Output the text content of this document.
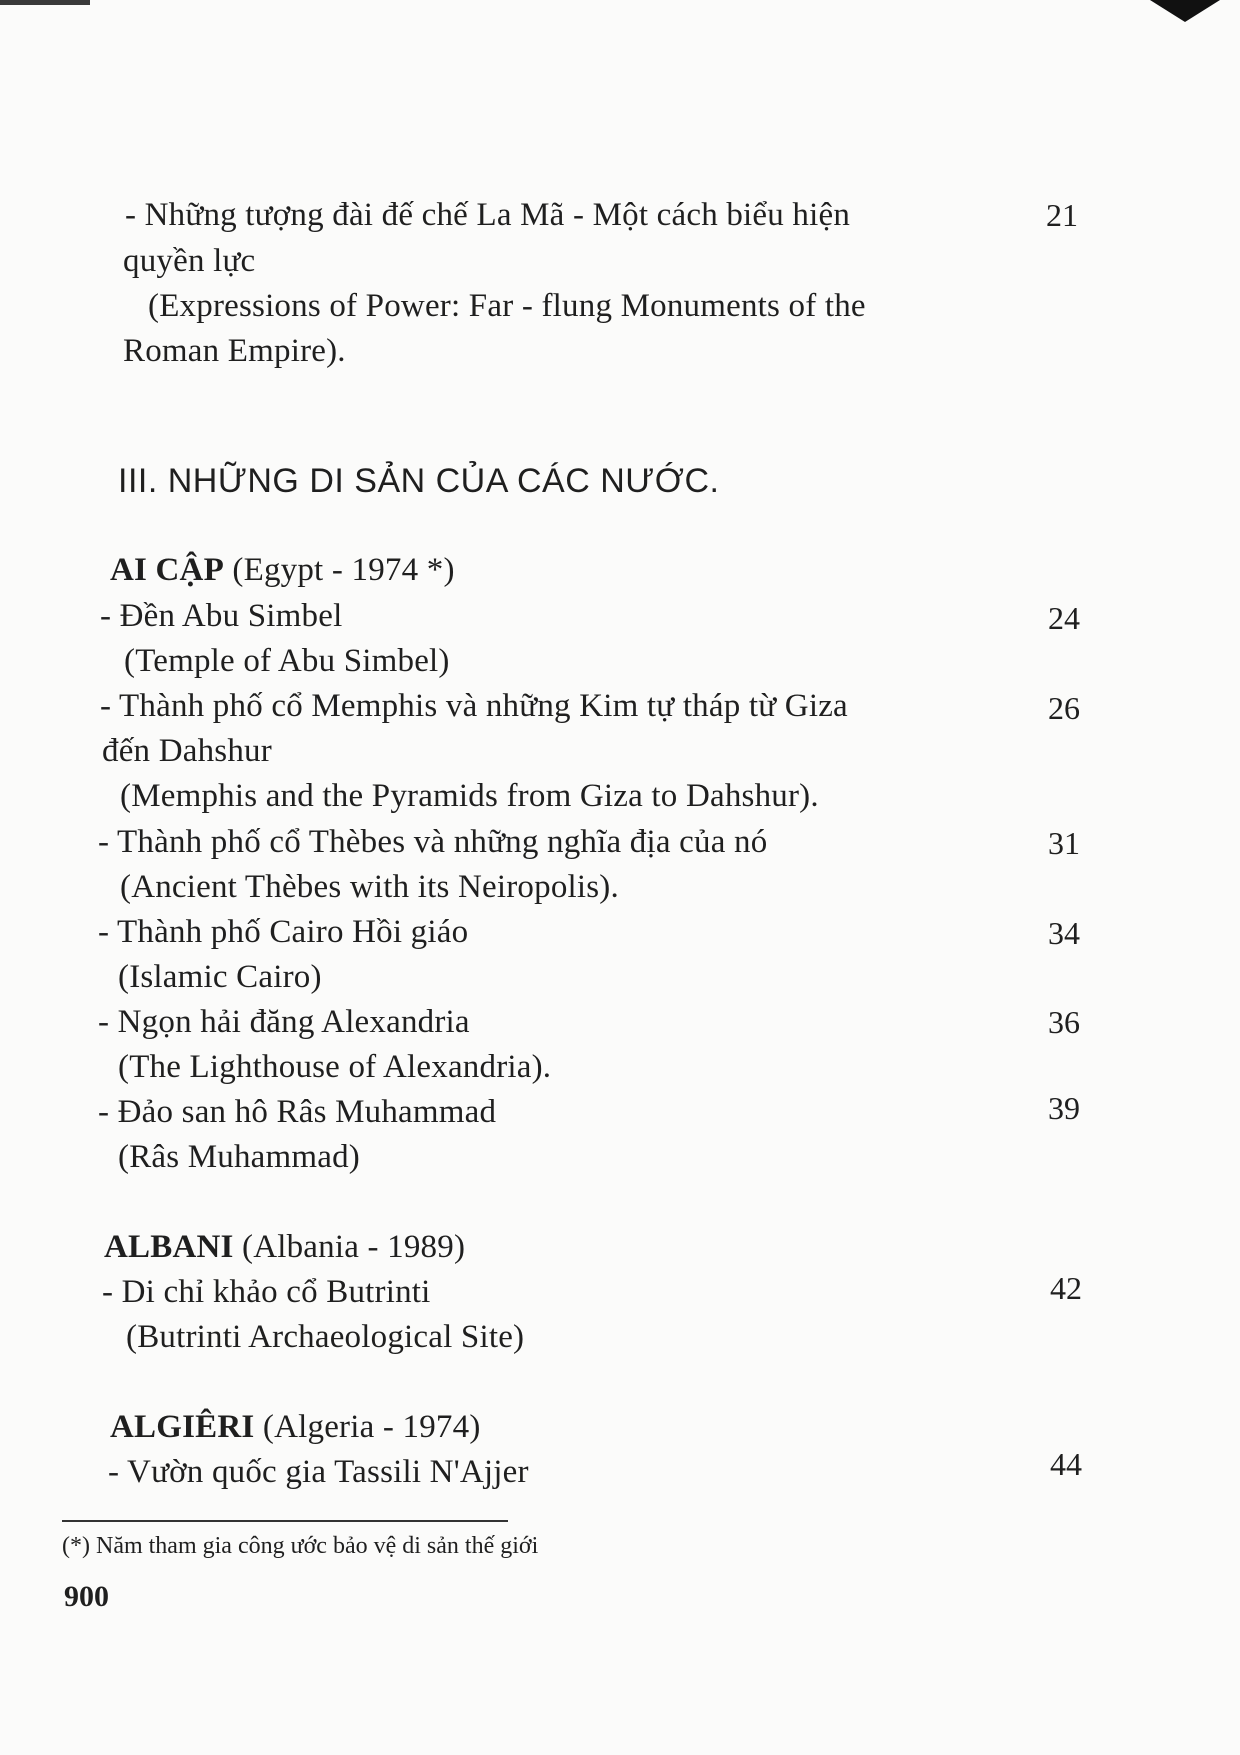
- Những tượng đài đế chế La Mã - Một cách biểu hiện
quyền lực
(Expressions of Power: Far - flung Monuments of the
Roman Empire).
21
III. NHỮNG DI SẢN CỦA CÁC NƯỚC.
AI CẬP (Egypt - 1974 *)
- Đền Abu Simbel
(Temple of Abu Simbel)
24
- Thành phố cổ Memphis và những Kim tự tháp từ Giza
đến Dahshur
(Memphis and the Pyramids from Giza to Dahshur).
26
- Thành phố cổ Thèbes và những nghĩa địa của nó
(Ancient Thèbes with its Neiropolis).
31
- Thành phố Cairo Hồi giáo
(Islamic Cairo)
34
- Ngọn hải đăng Alexandria
(The Lighthouse of Alexandria).
36
- Đảo san hô Râs Muhammad
(Râs Muhammad)
39
ALBANI (Albania - 1989)
- Di chỉ khảo cổ Butrinti
(Butrinti Archaeological Site)
42
ALGIÊRI (Algeria - 1974)
- Vườn quốc gia Tassili N'Ajjer	44
(*) Năm tham gia công ước bảo vệ di sản thế giới
900
